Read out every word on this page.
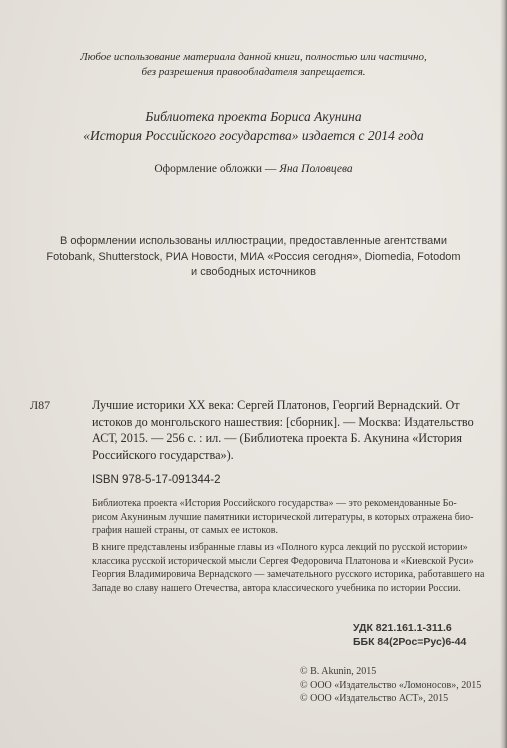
Любое использование материала данной книги, полностью или частично,
без разрешения правообладателя запрещается.
Библиотека проекта Бориса Акунина
«История Российского государства» издается с 2014 года
Оформление обложки — Яна Половцева
В оформлении использованы иллюстрации, предоставленные агентствами
Fotobank, Shutterstock, РИА Новости, МИА «Россия сегодня», Diomedia, Fotodom
и свободных источников
Л87	Лучшие историки XX века: Сергей Платонов, Георгий Вернадский. От
истоков до монгольского нашествия: [сборник]. — Москва: Издательство
АСТ, 2015. — 256 с. : ил. — (Библиотека проекта Б. Акунина «История
Российского государства»).
ISBN 978-5-17-091344-2
Библиотека проекта «История Российского государства» — это рекомендованные Бо-
рисом Акуниным лучшие памятники исторической литературы, в которых отражена био-
графия нашей страны, от самых ее истоков.
В книге представлены избранные главы из «Полного курса лекций по русской истории»
классика русской исторической мысли Сергея Федоровича Платонова и «Киевской Руси»
Георгия Владимировича Вернадского — замечательного русского историка, работавшего на
Западе во славу нашего Отечества, автора классического учебника по истории России.
УДК 821.161.1-311.6
ББК 84(2Рос=Рус)6-44
© B. Akunin, 2015
© ООО «Издательство «Ломоносов», 2015
© ООО «Издательство АСТ», 2015
